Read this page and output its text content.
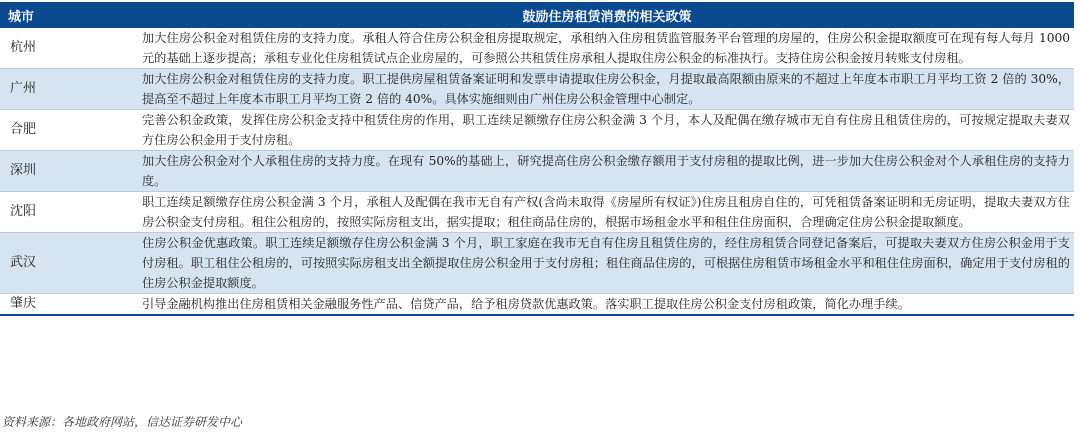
城市	鼓励住房租赁消费的相关政策
杭州	加大住房公积金对租赁住房的支持力度。承租人符合住房公积金租房提取规定，承租纳入住房租赁监管服务平台管理的房屋的，住房公积金提取额度可在现有每人每月 1000 元的基础上逐步提高；承租专业化住房租赁试点企业房屋的，可参照公共租赁住房承租人提取住房公积金的标准执行。支持住房公积金按月转账支付房租。
广州	加大住房公积金对租赁住房的支持力度。职工提供房屋租赁备案证明和发票申请提取住房公积金，月提取最高限额由原来的不超过上年度本市职工月平均工资 2 倍的 30%，提高至不超过上年度本市职工月平均工资 2 倍的 40%。具体实施细则由广州住房公积金管理中心制定。
合肥	完善公积金政策，发挥住房公积金支持中租赁住房的作用，职工连续足额缴存住房公积金满 3 个月，本人及配偶在缴存城市无自有住房且租赁住房的，可按规定提取夫妻双方住房公积金用于支付房租。
深圳	加大住房公积金对个人承租住房的支持力度。在现有 50%的基础上，研究提高住房公积金缴存额用于支付房租的提取比例，进一步加大住房公积金对个人承租住房的支持力度。
沈阳	职工连续足额缴存住房公积金满 3 个月，承租人及配偶在我市无自有产权(含尚未取得《房屋所有权证》)住房且租房自住的，可凭租赁备案证明和无房证明，提取夫妻双方住房公积金支付房租。租住公租房的，按照实际房租支出，据实提取；租住商品住房的，根据市场租金水平和租住住房面积，合理确定住房公积金提取额度。
武汉	住房公积金优惠政策。职工连续足额缴存住房公积金满 3 个月，职工家庭在我市无自有住房且租赁住房的，经住房租赁合同登记备案后，可提取夫妻双方住房公积金用于支付房租。职工租住公租房的，可按照实际房租支出全额提取住房公积金用于支付房租；租住商品住房的，可根据住房租赁市场租金水平和租住住房面积，确定用于支付房租的住房公积金提取额度。
肇庆	引导金融机构推出住房租赁相关金融服务性产品、信贷产品，给予租房贷款优惠政策。落实职工提取住房公积金支付房租政策，简化办理手续。
资料来源：各地政府网站，信达证券研发中心
